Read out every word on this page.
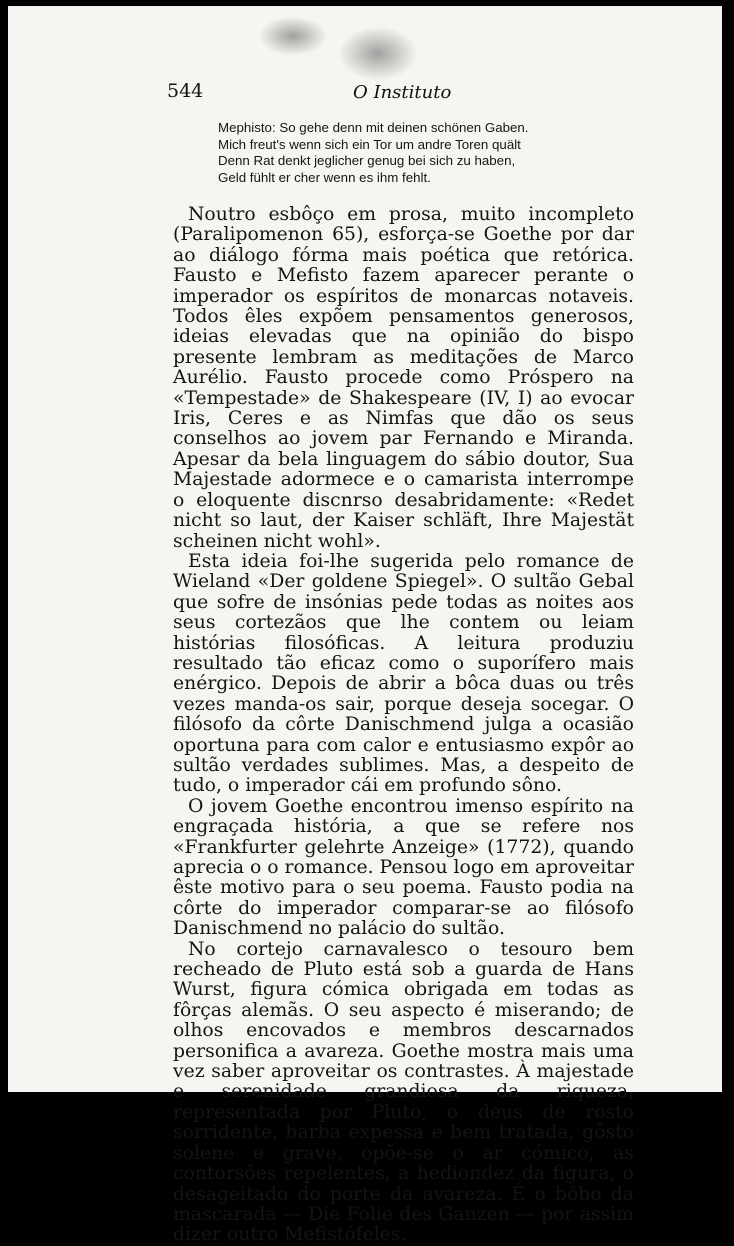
544	O Instituto
Mephisto: So gehe denn mit deinen schönen Gaben.
Mich freut's wenn sich ein Tor um andre Toren quält
Denn Rat denkt jeglicher genug bei sich zu haben,
Geld fühlt er cher wenn es ihm fehlt.

Noutro esbôço em prosa, muito incompleto (Paralipomenon 65), esforça-se Goethe por dar ao diálogo fórma mais poética que retórica. Fausto e Mefisto fazem aparecer perante o imperador os espíritos de monarcas notaveis. Todos êles expõem pensamentos generosos, ideias elevadas que na opinião do bispo presente lembram as meditações de Marco Aurélio. Fausto procede como Próspero na «Tempestade» de Shakespeare (IV, I) ao evocar Iris, Ceres e as Nimfas que dão os seus conselhos ao jovem par Fernando e Miranda. Apesar da bela linguagem do sábio doutor, Sua Majestade adormece e o camarista interrompe o eloquente discnrso desabridamente: «Redet nicht so laut, der Kaiser schläft, Ihre Majestät scheinen nicht wohl».

Esta ideia foi-lhe sugerida pelo romance de Wieland «Der goldene Spiegel». O sultão Gebal que sofre de insónias pede todas as noites aos seus cortezãos que lhe contem ou leiam histórias filosóficas. A leitura produziu resultado tão eficaz como o suporífero mais enérgico. Depois de abrir a bôca duas ou três vezes manda-os sair, porque deseja socegar. O filósofo da côrte Danischmend julga a ocasião oportuna para com calor e entusiasmo expôr ao sultão verdades sublimes. Mas, a despeito de tudo, o imperador cái em profundo sôno.

O jovem Goethe encontrou imenso espírito na engraçada história, a que se refere nos «Frankfurter gelehrte Anzeige» (1772), quando aprecia o o romance. Pensou logo em aproveitar êste motivo para o seu poema. Fausto podia na côrte do imperador comparar-se ao filósofo Danischmend no palácio do sultão.

No cortejo carnavalesco o tesouro bem recheado de Pluto está sob a guarda de Hans Wurst, figura cómica obrigada em todas as fôrças alemãs. O seu aspecto é miserando; de olhos encovados e membros descarnados personifica a avareza. Goethe mostra mais uma vez saber aproveitar os contrastes. À majestade e serenidade grandiosa da riqueza, representada por Pluto, o deus de rosto sorridente, barba expessa e bem tratada, gôsto solene e grave, opõe-se o ar cómico, as contorsões repelentes, a hediondez da figura, o desageitado do porte da avareza. É o bôbo da mascarada — Die Folie des Ganzen — por assim dizer outro Mefistófeles.
